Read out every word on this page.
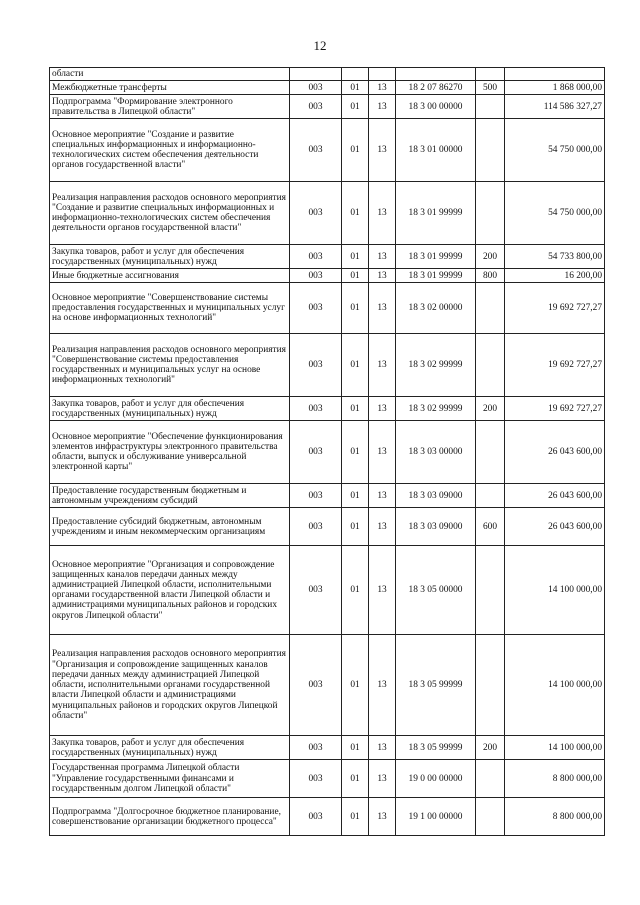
12
области						
Межбюджетные трансферты	003	01	13	18 2 07 86270	500	1 868 000,00
Подпрограмма "Формирование электронного правительства в Липецкой области"	003	01	13	18 3 00 00000		114 586 327,27
Основное мероприятие "Создание и развитие специальных информационных и информационно-технологических систем обеспечения деятельности органов государственной власти"	003	01	13	18 3 01 00000		54 750 000,00
Реализация направления расходов основного мероприятия "Создание и развитие специальных информационных и информационно-технологических систем обеспечения деятельности органов государственной власти"	003	01	13	18 3 01 99999		54 750 000,00
Закупка товаров, работ и услуг для обеспечения государственных (муниципальных) нужд	003	01	13	18 3 01 99999	200	54 733 800,00
Иные бюджетные ассигнования	003	01	13	18 3 01 99999	800	16 200,00
Основное мероприятие "Совершенствование системы предоставления государственных и муниципальных услуг на основе информационных технологий"	003	01	13	18 3 02 00000		19 692 727,27
Реализация направления расходов основного мероприятия "Совершенствование системы предоставления государственных и муниципальных услуг на основе информационных технологий"	003	01	13	18 3 02 99999		19 692 727,27
Закупка товаров, работ и услуг для обеспечения государственных (муниципальных) нужд	003	01	13	18 3 02 99999	200	19 692 727,27
Основное мероприятие "Обеспечение функционирования элементов инфраструктуры электронного правительства области, выпуск и обслуживание универсальной электронной карты"	003	01	13	18 3 03 00000		26 043 600,00
Предоставление государственным бюджетным и автономным учреждениям субсидий	003	01	13	18 3 03 09000		26 043 600,00
Предоставление субсидий бюджетным, автономным учреждениям и иным некоммерческим организациям	003	01	13	18 3 03 09000	600	26 043 600,00
Основное мероприятие "Организация и сопровождение защищенных каналов передачи данных между администрацией Липецкой области, исполнительными органами государственной власти Липецкой области и администрациями муниципальных районов и городских округов Липецкой области"	003	01	13	18 3 05 00000		14 100 000,00
Реализация направления расходов основного мероприятия "Организация и сопровождение защищенных каналов передачи данных между администрацией Липецкой области, исполнительными органами государственной власти Липецкой области и администрациями муниципальных районов и городских округов Липецкой области"	003	01	13	18 3 05 99999		14 100 000,00
Закупка товаров, работ и услуг для обеспечения государственных (муниципальных) нужд	003	01	13	18 3 05 99999	200	14 100 000,00
Государственная программа Липецкой области "Управление государственными финансами и государственным долгом Липецкой области"	003	01	13	19 0 00 00000		8 800 000,00
Подпрограмма "Долгосрочное бюджетное планирование, совершенствование организации бюджетного процесса"	003	01	13	19 1 00 00000		8 800 000,00
